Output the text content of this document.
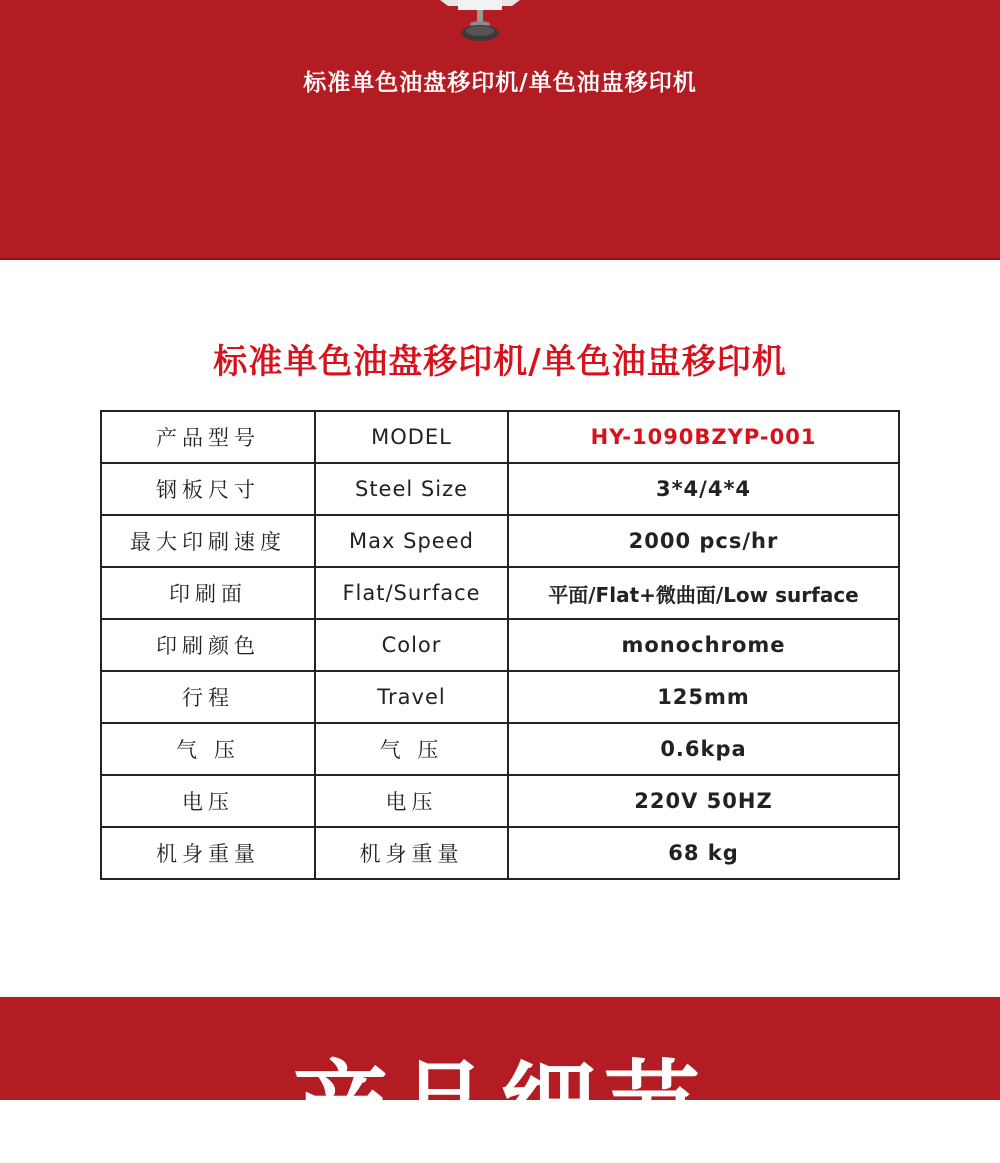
标准单色油盘移印机/单色油盅移印机
标准单色油盘移印机/单色油盅移印机
产品型号	MODEL	HY-1090BZYP-001
钢板尺寸	Steel Size	3*4/4*4
最大印刷速度	Max Speed	2000 pcs/hr
印刷面	Flat/Surface	平面/Flat+微曲面/Low surface
印刷颜色	Color	monochrome
行程	Travel	125mm
气 压	气 压	0.6kpa
电压	电压	220V 50HZ
机身重量	机身重量	68 kg
产品细节
